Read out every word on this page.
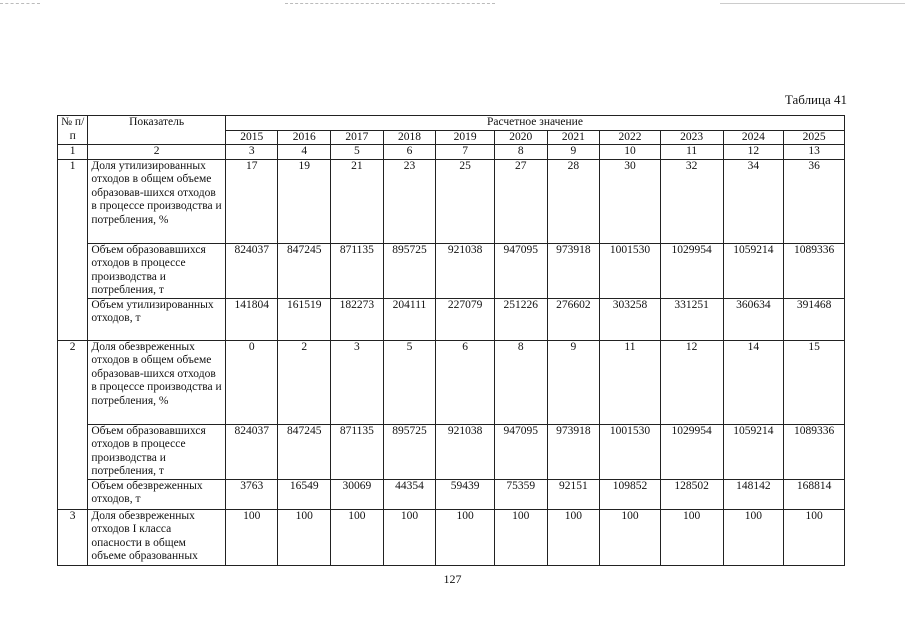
Таблица 41
№ п/п	Показатель	Расчетное значение										
		2015	2016	2017	2018	2019	2020	2021	2022	2023	2024	2025
1	2	3	4	5	6	7	8	9	10	11	12	13
1	Доля утилизированных отходов в общем объеме образовав-шихся отходов в процессе производства и потребления, %	17	19	21	23	25	27	28	30	32	34	36
	Объем образовавшихся отходов в процессе производства и потребления, т	824037	847245	871135	895725	921038	947095	973918	1001530	1029954	1059214	1089336
	Объем утилизированных отходов, т	141804	161519	182273	204111	227079	251226	276602	303258	331251	360634	391468
2	Доля обезвреженных отходов в общем объеме образовав-шихся отходов в процессе производства и потребления, %	0	2	3	5	6	8	9	11	12	14	15
	Объем образовавшихся отходов в процессе производства и потребления, т	824037	847245	871135	895725	921038	947095	973918	1001530	1029954	1059214	1089336
	Объем обезвреженных отходов, т	3763	16549	30069	44354	59439	75359	92151	109852	128502	148142	168814
3	Доля обезвреженных отходов I класса опасности в общем объеме образованных	100	100	100	100	100	100	100	100	100	100	100
127
